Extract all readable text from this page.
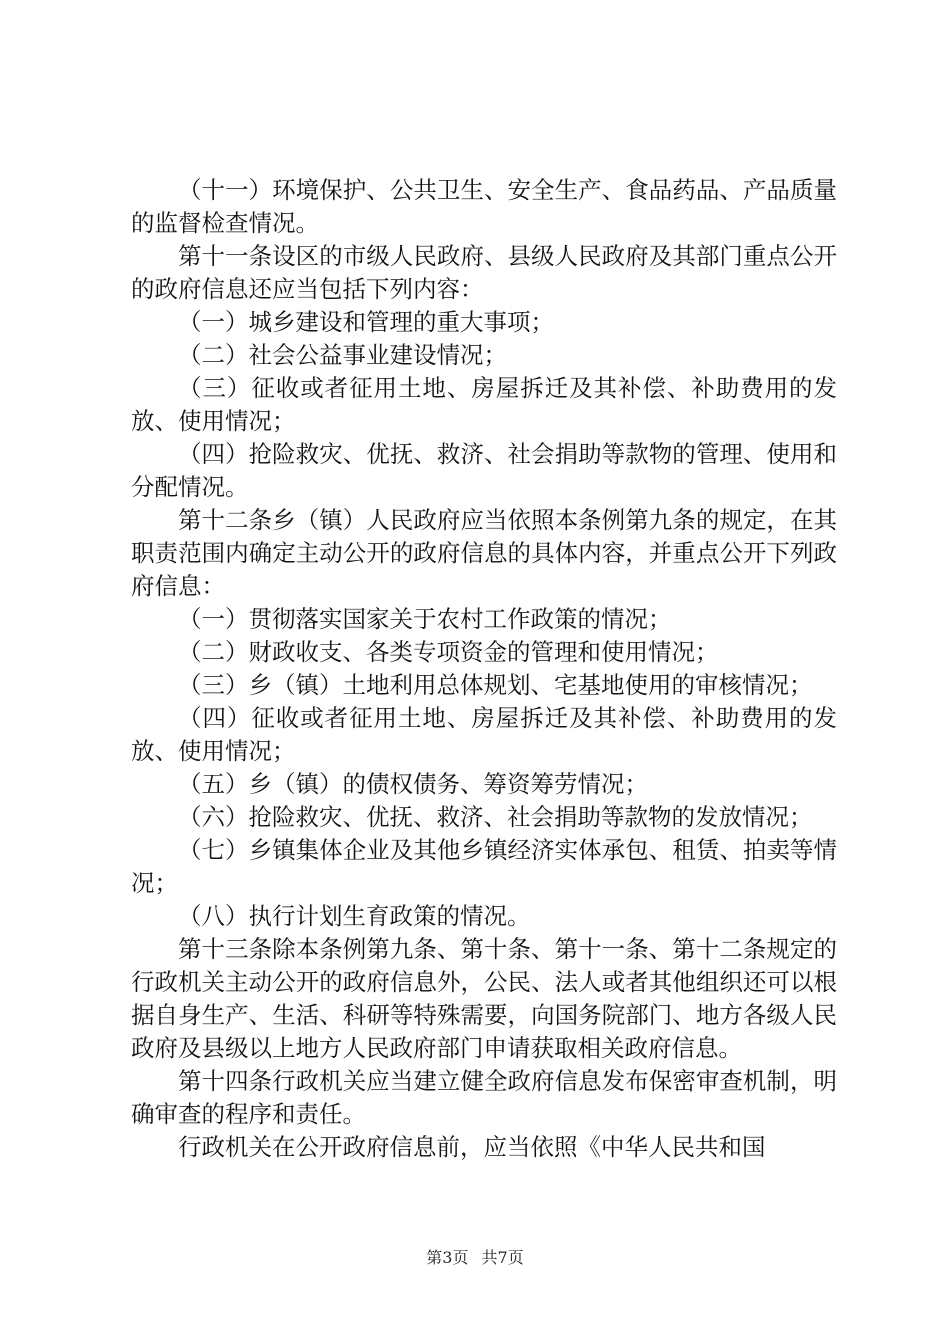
（十一）环境保护、公共卫生、安全生产、食品药品、产品质量的监督检查情况。

第十一条设区的市级人民政府、县级人民政府及其部门重点公开的政府信息还应当包括下列内容：

（一）城乡建设和管理的重大事项；

（二）社会公益事业建设情况；

（三）征收或者征用土地、房屋拆迁及其补偿、补助费用的发放、使用情况；

（四）抢险救灾、优抚、救济、社会捐助等款物的管理、使用和分配情况。

第十二条乡（镇）人民政府应当依照本条例第九条的规定，在其职责范围内确定主动公开的政府信息的具体内容，并重点公开下列政府信息：

（一）贯彻落实国家关于农村工作政策的情况；

（二）财政收支、各类专项资金的管理和使用情况；

（三）乡（镇）土地利用总体规划、宅基地使用的审核情况；

（四）征收或者征用土地、房屋拆迁及其补偿、补助费用的发放、使用情况；

（五）乡（镇）的债权债务、筹资筹劳情况；

（六）抢险救灾、优抚、救济、社会捐助等款物的发放情况；

（七）乡镇集体企业及其他乡镇经济实体承包、租赁、拍卖等情况；

（八）执行计划生育政策的情况。

第十三条除本条例第九条、第十条、第十一条、第十二条规定的行政机关主动公开的政府信息外，公民、法人或者其他组织还可以根据自身生产、生活、科研等特殊需要，向国务院部门、地方各级人民政府及县级以上地方人民政府部门申请获取相关政府信息。

第十四条行政机关应当建立健全政府信息发布保密审查机制，明确审查的程序和责任。

行政机关在公开政府信息前，应当依照《中华人民共和国

第3页 共7页
